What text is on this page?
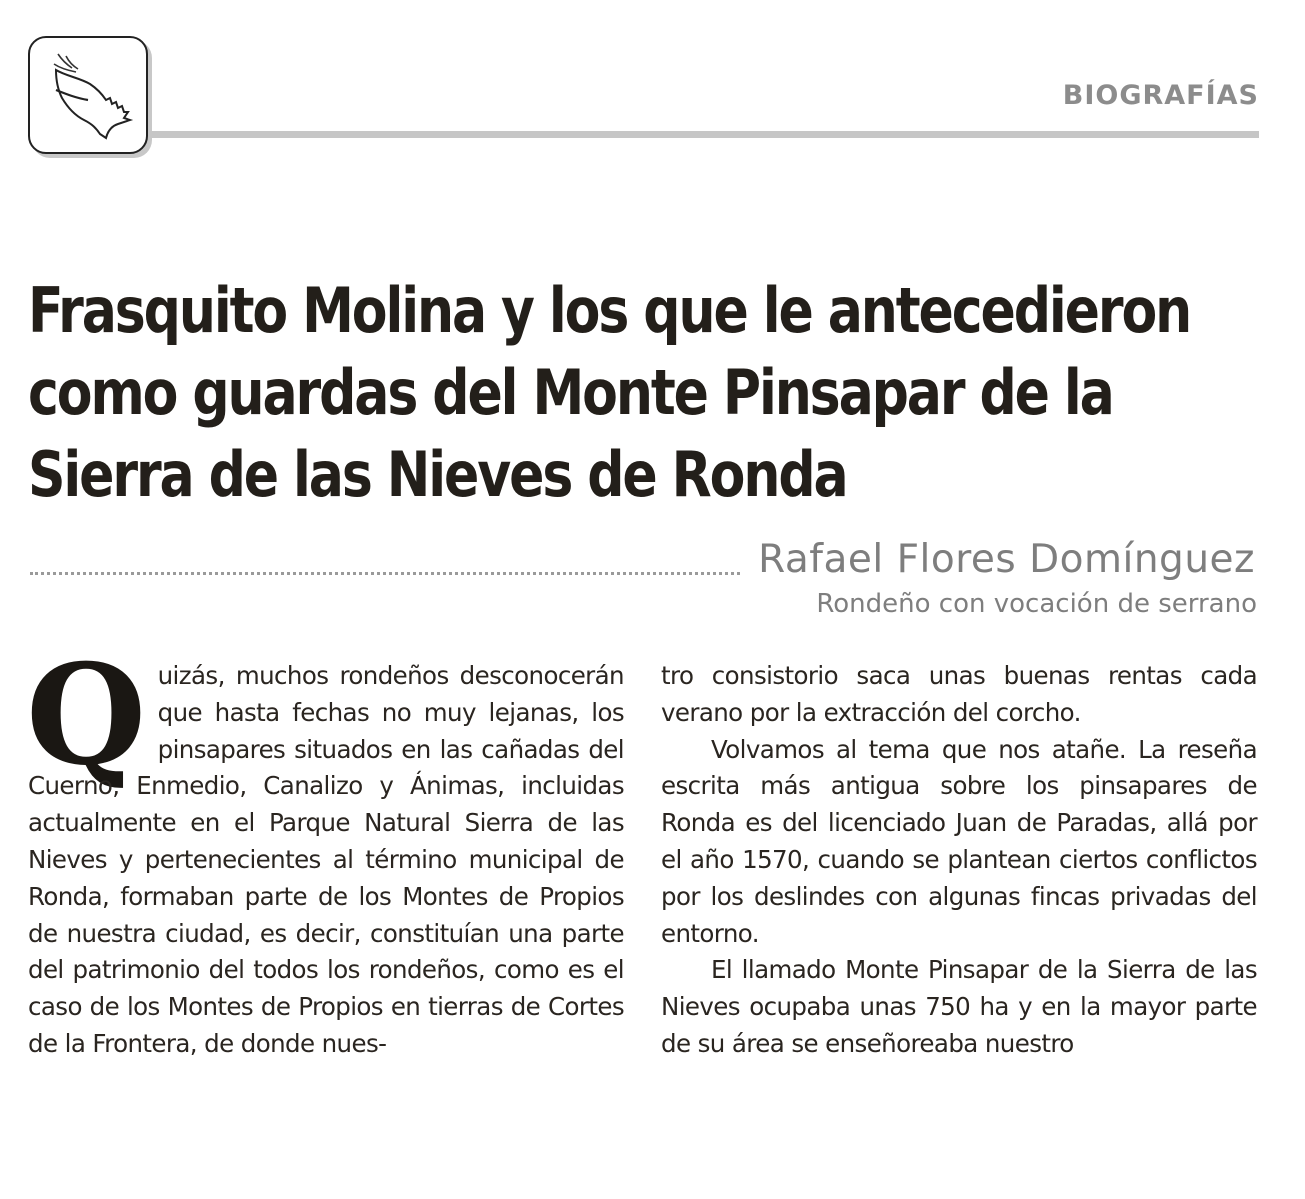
BIOGRAFÍAS
Frasquito Molina y los que le antecedieron
como guardas del Monte Pinsapar de la
Sierra de las Nieves de Ronda
Rafael Flores Domínguez
Rondeño con vocación de serrano

Quizás, muchos rondeños desconocerán que hasta fechas no muy lejanas, los pinsapares situados en las cañadas del Cuerno, Enmedio, Canalizo y Ánimas, incluidas actualmente en el Parque Natural Sierra de las Nieves y pertenecientes al término municipal de Ronda, formaban parte de los Montes de Propios de nuestra ciudad, es decir, constituían una parte del patrimonio del todos los rondeños, como es el caso de los Montes de Propios en tierras de Cortes de la Frontera, de donde nues-

tro consistorio saca unas buenas rentas cada verano por la extracción del corcho.

Volvamos al tema que nos atañe. La reseña escrita más antigua sobre los pinsapares de Ronda es del licenciado Juan de Paradas, allá por el año 1570, cuando se plantean ciertos conflictos por los deslindes con algunas fincas privadas del entorno.

El llamado Monte Pinsapar de la Sierra de las Nieves ocupaba unas 750 ha y en la mayor parte de su área se enseñoreaba nuestro
